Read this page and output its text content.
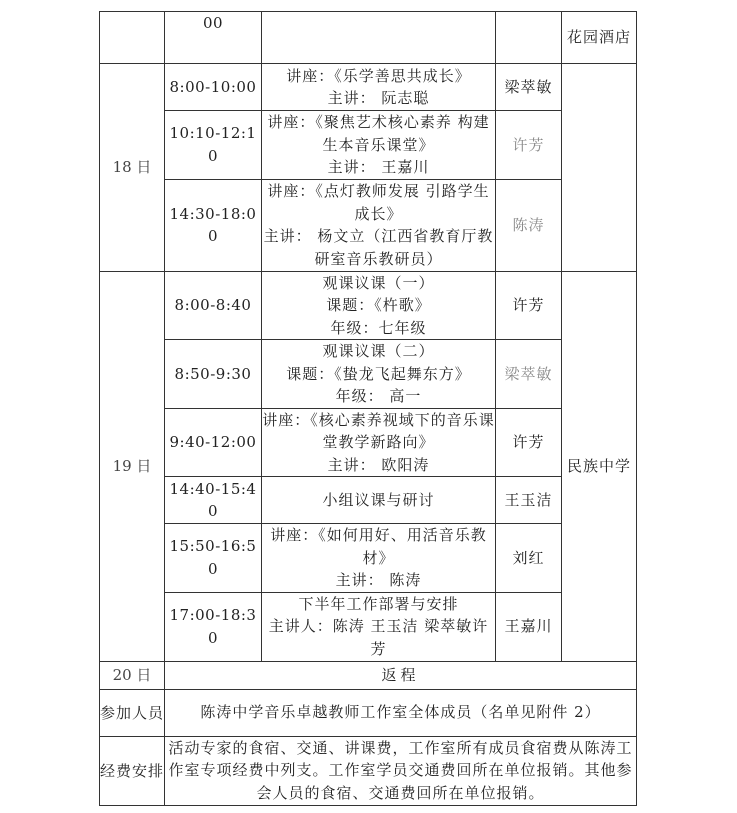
	00			花园酒店
18 日	8:00-10:00	讲座：《乐学善思共成长》
主讲： 阮志聪	梁萃敏	
	10:10-12:10	讲座：《聚焦艺术核心素养 构建生本音乐课堂》
主讲： 王嘉川	许芳	
	14:30-18:00	讲座：《点灯教师发展 引路学生成长》
主讲： 杨文立（江西省教育厅教研室音乐教研员）	陈涛	
19 日	8:00-8:40	观课议课（一）
课题：《杵歌》
年级：七年级	许芳	民族中学
	8:50-9:30	观课议课（二）
课题：《蛰龙飞起舞东方》
年级： 高一	梁萃敏	
	9:40-12:00	讲座：《核心素养视域下的音乐课堂教学新路向》
主讲： 欧阳涛	许芳	
	14:40-15:40	小组议课与研讨	王玉洁	
	15:50-16:50	讲座：《如何用好、用活音乐教材》
主讲： 陈涛	刘红	
	17:00-18:30	下半年工作部署与安排
主讲人：陈涛 王玉洁 梁萃敏许芳	王嘉川	
20 日	返程			
参加人员	陈涛中学音乐卓越教师工作室全体成员（名单见附件 2）			
经费安排	活动专家的食宿、交通、讲课费，工作室所有成员食宿费从陈涛工作室专项经费中列支。工作室学员交通费回所在单位报销。其他参会人员的食宿、交通费回所在单位报销。			
